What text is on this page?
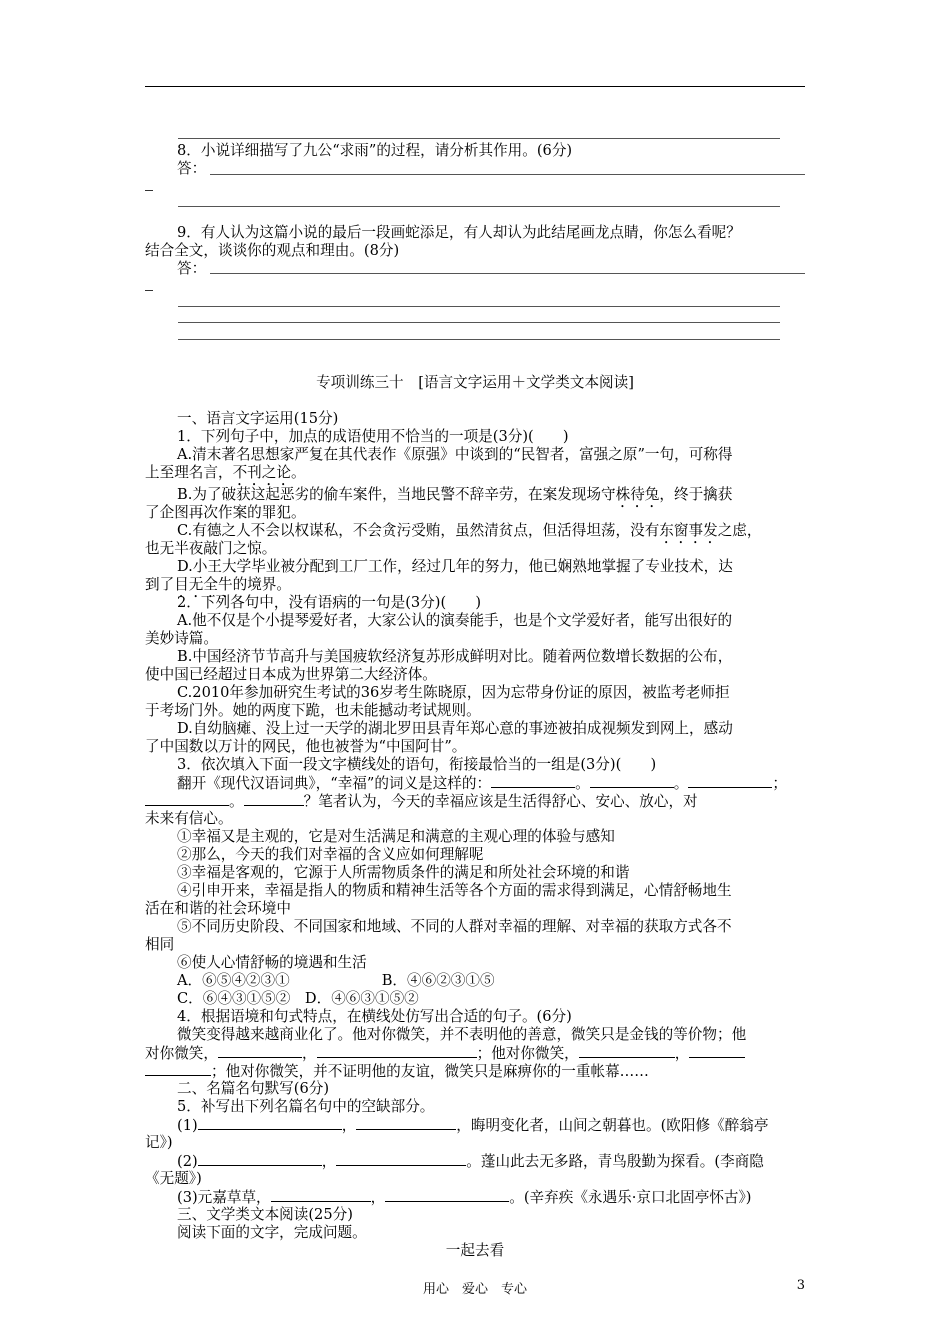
8．小说详细描写了九公“求雨”的过程，请分析其作用。(6分)
答：
9．有人认为这篇小说的最后一段画蛇添足，有人却认为此结尾画龙点睛，你怎么看呢？
结合全文，谈谈你的观点和理由。(8分)
答：
专项训练三十　[语言文字运用＋文学类文本阅读]
一、语言文字运用(15分)
1．下列句子中，加点的成语使用不恰当的一项是(3分)(　　)
A.清末著名思想家严复在其代表作《原强》中谈到的“民智者，富强之原”一句，可称得
上至理名言，不刊之论。
B.为了破获这起恶劣的偷车案件，当地民警不辞辛劳，在案发现场守株待兔，终于擒获
了企图再次作案的罪犯。
C.有德之人不会以权谋私，不会贪污受贿，虽然清贫点，但活得坦荡，没有东窗事发之虑，
也无半夜敲门之惊。
D.小王大学毕业被分配到工厂工作，经过几年的努力，他已娴熟地掌握了专业技术，达
到了目无全牛的境界。
2．下列各句中，没有语病的一句是(3分)(　　)
A.他不仅是个小提琴爱好者，大家公认的演奏能手，也是个文学爱好者，能写出很好的
美妙诗篇。
B.中国经济节节高升与美国疲软经济复苏形成鲜明对比。随着两位数增长数据的公布，
使中国已经超过日本成为世界第二大经济体。
C.2010年参加研究生考试的36岁考生陈晓原，因为忘带身份证的原因，被监考老师拒
于考场门外。她的两度下跪，也未能撼动考试规则。
D.自幼脑瘫、没上过一天学的湖北罗田县青年郑心意的事迹被拍成视频发到网上，感动
了中国数以万计的网民，他也被誉为“中国阿甘”。
3．依次填入下面一段文字横线处的语句，衔接最恰当的一组是(3分)(　　)
翻开《现代汉语词典》，“幸福”的词义是这样的：	。	。	；
。	？笔者认为，今天的幸福应该是生活得舒心、安心、放心，对
未来有信心。
①幸福又是主观的，它是对生活满足和满意的主观心理的体验与感知
②那么，今天的我们对幸福的含义应如何理解呢
③幸福是客观的，它源于人所需物质条件的满足和所处社会环境的和谐
④引申开来，幸福是指人的物质和精神生活等各个方面的需求得到满足，心情舒畅地生
活在和谐的社会环境中
⑤不同历史阶段、不同国家和地域、不同的人群对幸福的理解、对幸福的获取方式各不
相同
⑥使人心情舒畅的境遇和生活
A．⑥⑤④②③①	B．④⑥②③①⑤
C．⑥④③①⑤②　D．④⑥③①⑤②
4．根据语境和句式特点，在横线处仿写出合适的句子。(6分)
微笑变得越来越商业化了。他对你微笑，并不表明他的善意，微笑只是金钱的等价物；他
对你微笑，	，	；他对你微笑，	，
；他对你微笑，并不证明他的友谊，微笑只是麻痹你的一重帐幕……
二、名篇名句默写(6分)
5．补写出下列名篇名句中的空缺部分。
(1)	，	，晦明变化者，山间之朝暮也。(欧阳修《醉翁亭
记》)
(2)	，	。蓬山此去无多路，青鸟殷勤为探看。(李商隐
《无题》)
(3)元嘉草草，	，	。(辛弃疾《永遇乐·京口北固亭怀古》)
三、文学类文本阅读(25分)
阅读下面的文字，完成问题。
一起去看
用心　爱心　专心	3
